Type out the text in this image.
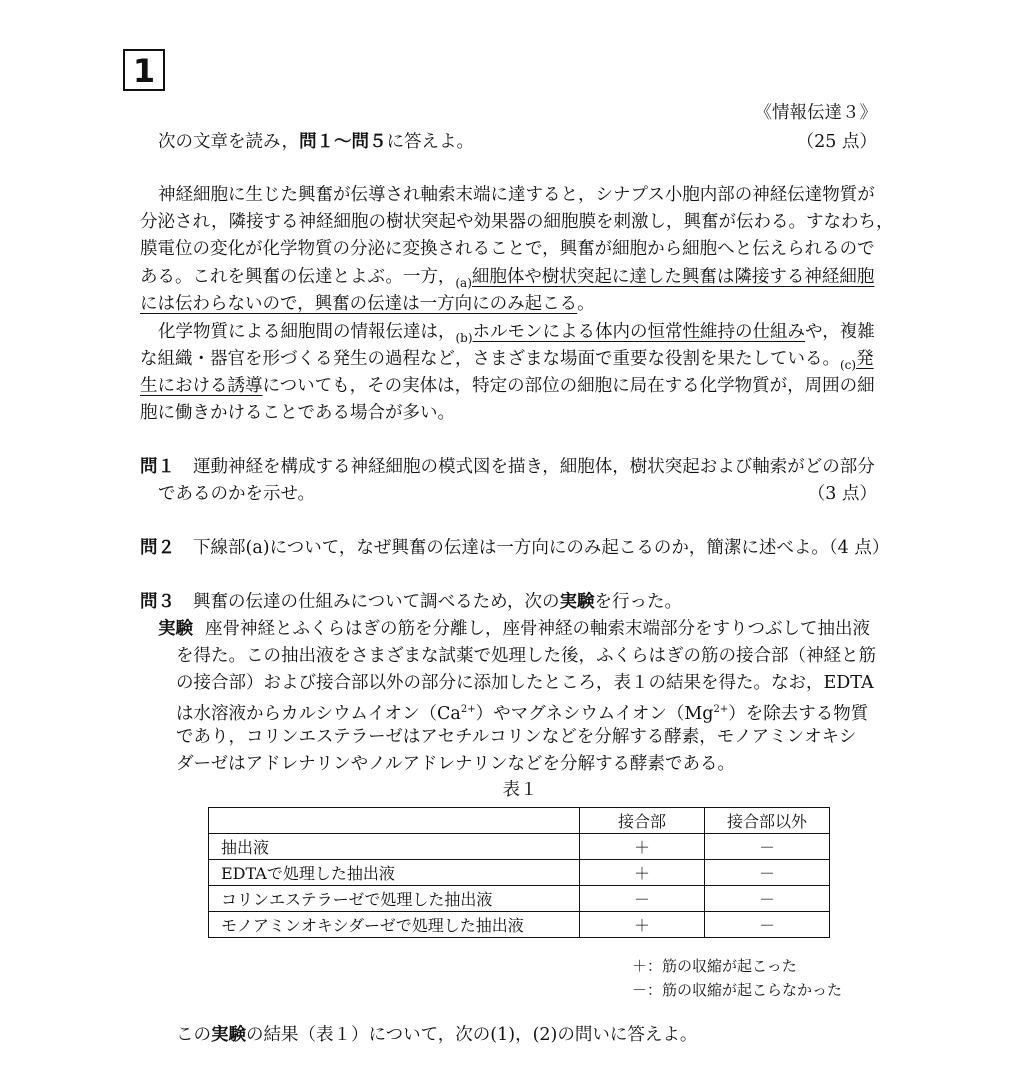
1
《情報伝達３》
次の文章を読み，問１～問５に答えよ。	（25 点）
神経細胞に生じた興奮が伝導され軸索末端に達すると，シナプス小胞内部の神経伝達物質が
分泌され，隣接する神経細胞の樹状突起や効果器の細胞膜を刺激し，興奮が伝わる。すなわち，
膜電位の変化が化学物質の分泌に変換されることで，興奮が細胞から細胞へと伝えられるので
ある。これを興奮の伝達とよぶ。一方，$_{(a)}$細胞体や樹状突起に達した興奮は隣接する神経細胞
には伝わらないので，興奮の伝達は一方向にのみ起こる。
化学物質による細胞間の情報伝達は，$_{(b)}$ホルモンによる体内の恒常性維持の仕組みや，複雑
な組織・器官を形づくる発生の過程など，さまざまな場面で重要な役割を果たしている。$_{(c)}$発
生における誘導についても，その実体は，特定の部位の細胞に局在する化学物質が，周囲の細
胞に働きかけることである場合が多い。
問１ 運動神経を構成する神経細胞の模式図を描き，細胞体，樹状突起および軸索がどの部分
であるのかを示せ。	（3 点）
問２ 下線部(a)について，なぜ興奮の伝達は一方向にのみ起こるのか，簡潔に述べよ。（4 点）
問３ 興奮の伝達の仕組みについて調べるため，次の実験を行った。
実験 座骨神経とふくらはぎの筋を分離し，座骨神経の軸索末端部分をすりつぶして抽出液
を得た。この抽出液をさまざまな試薬で処理した後，ふくらはぎの筋の接合部（神経と筋
の接合部）および接合部以外の部分に添加したところ，表１の結果を得た。なお，EDTA
は水溶液からカルシウムイオン$(Ca^{2+})$やマグネシウムイオン$(Mg^{2+})$を除去する物質
であり，コリンエステラーゼはアセチルコリンなどを分解する酵素，モノアミンオキシ
ダーゼはアドレナリンやノルアドレナリンなどを分解する酵素である。
表１
	接合部	接合部以外
抽出液	＋	－
EDTAで処理した抽出液	＋	－
コリンエステラーゼで処理した抽出液	－	－
モノアミンオキシダーゼで処理した抽出液	＋	－
＋：筋の収縮が起こった
－：筋の収縮が起こらなかった
この実験の結果（表１）について，次の(1)，(2)の問いに答えよ。
